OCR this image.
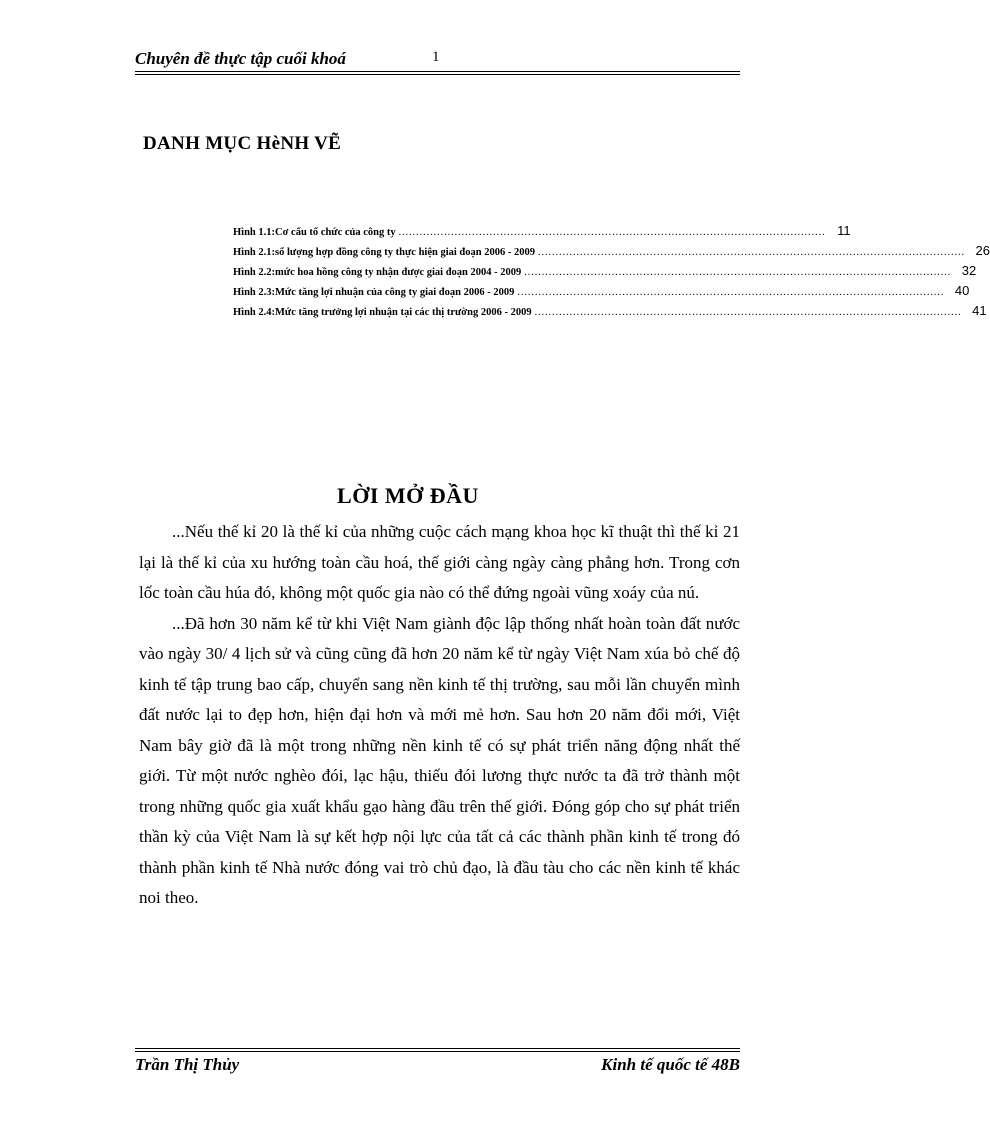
Chuyên đề thực tập cuối khoá	1
DANH MỤC HèNH VẼ
Hình 1.1: Cơ cấu tổ chức của công ty .......................................................................................................................... 11
Hình 2.1: số lượng hợp đồng công ty thực hiện giai đoạn 2006 - 2009 .......................................................................................................................... 26
Hình 2.2: mức hoa hồng công ty nhận được giai đoạn 2004 - 2009 .......................................................................................................................... 32
Hình 2.3: Mức tăng lợi nhuận của công ty giai đoạn 2006 - 2009 .......................................................................................................................... 40
Hình 2.4: Mức tăng trưởng lợi nhuận tại các thị trường 2006 - 2009 .......................................................................................................................... 41
LỜI MỞ ĐẦU

...Nếu thế kỉ 20 là thế kỉ của những cuộc cách mạng khoa học kĩ thuật thì thế kỉ 21 lại là thế kỉ của xu hướng toàn cầu hoá, thế giới càng ngày càng phẳng hơn. Trong cơn lốc toàn cầu húa đó, không một quốc gia nào có thể đứng ngoài vũng xoáy của nú.

...Đã hơn 30 năm kể từ khi Việt Nam giành độc lập thống nhất hoàn toàn đất nước vào ngày 30/ 4 lịch sử và cũng cũng đã hơn 20 năm kể từ ngày Việt Nam xúa bỏ chế độ kinh tế tập trung bao cấp, chuyển sang nền kinh tế thị trường, sau mỗi lần chuyển mình đất nước lại to đẹp hơn, hiện đại hơn và mới mẻ hơn. Sau hơn 20 năm đổi mới, Việt Nam bây giờ đã là một trong những nền kinh tế có sự phát triển năng động nhất thế giới. Từ một nước nghèo đói, lạc hậu, thiếu đói lương thực nước ta đã trở thành một trong những quốc gia xuất khẩu gạo hàng đầu trên thế giới. Đóng góp cho sự phát triển thần kỳ của Việt Nam là sự kết hợp nội lực của tất cả các thành phần kinh tế trong đó thành phần kinh tế Nhà nước đóng vai trò chủ đạo, là đầu tàu cho các nền kinh tế khác noi theo.

Trần Thị Thủy	Kinh tế quốc tế 48B
